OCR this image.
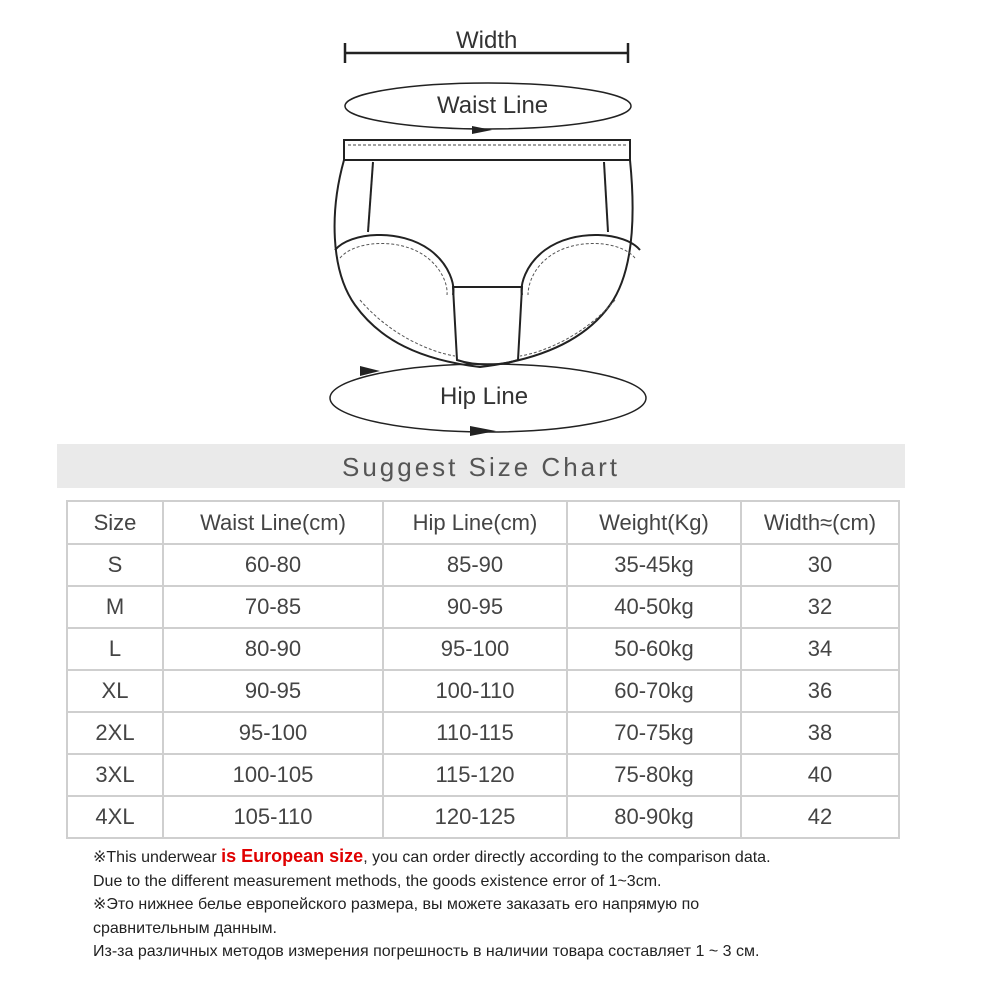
Width
Waist Line
Hip Line
Suggest Size Chart
Size	Waist Line(cm)	Hip Line(cm)	Weight(Kg)	Width≈(cm)
S	60-80	85-90	35-45kg	30
M	70-85	90-95	40-50kg	32
L	80-90	95-100	50-60kg	34
XL	90-95	100-110	60-70kg	36
2XL	95-100	110-115	70-75kg	38
3XL	100-105	115-120	75-80kg	40
4XL	105-110	120-125	80-90kg	42

※This underwear is European size, you can order directly according to the comparison data.

Due to the different measurement methods, the goods existence error of 1~3cm.

※Это нижнее белье европейского размера, вы можете заказать его напрямую по

сравнительным данным.

Из-за различных методов измерения погрешность в наличии товара составляет 1 ~ 3 см.
